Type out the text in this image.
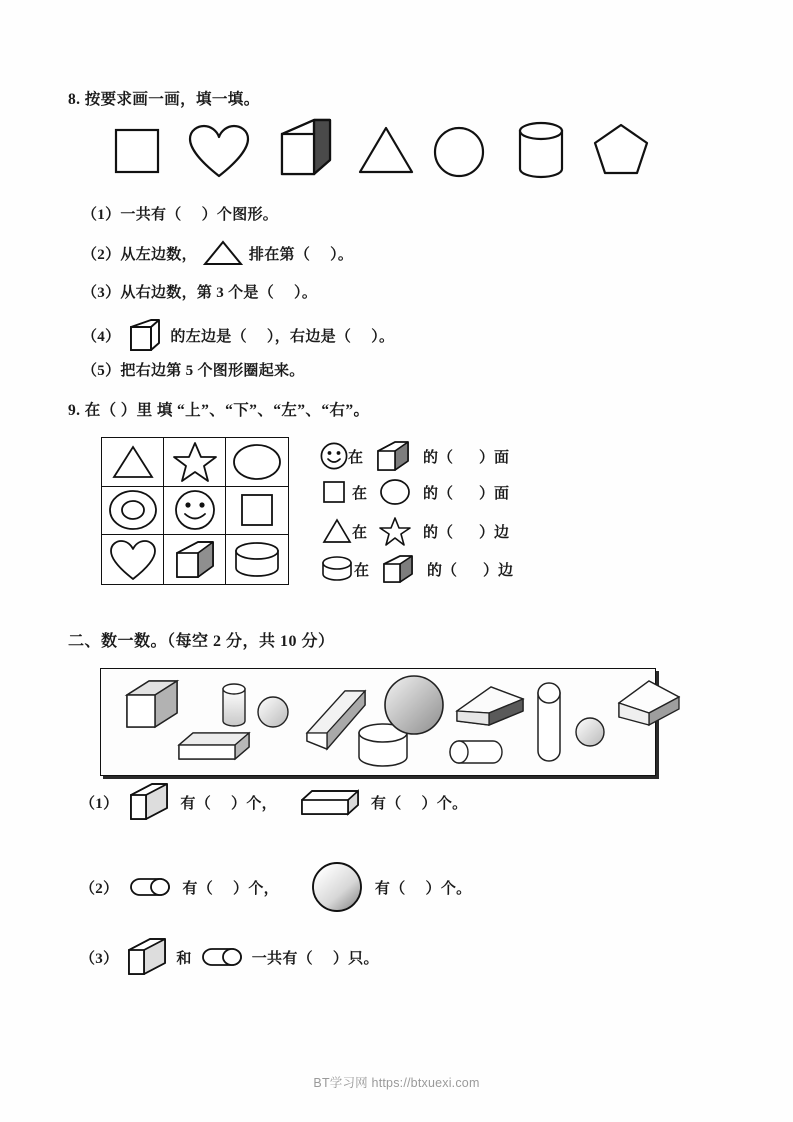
8. 按要求画一画，填一填。
（1） 一共有（ ）个图形。
（2） 从左边数，	排在第（ ）。
（3） 从右边数，第 3 个是（ ）。
（4）	的左边是（ ），右边是（ ）。
（5） 把右边第 5 个图形圈起来。
9. 在（ ）里 填 “上”、“下”、“左”、“右”。
在	的（ ）面
在	的（ ）面
在	的（ ）边
在	的（ ）边
二、数一数。（每空 2 分，共 10 分）
（1）	有（ ）个，	有（ ）个。
（2）	有（ ）个，	有（ ）个。
（3）	和	一共有（ ）只。
BT学习网 https://btxuexi.com
